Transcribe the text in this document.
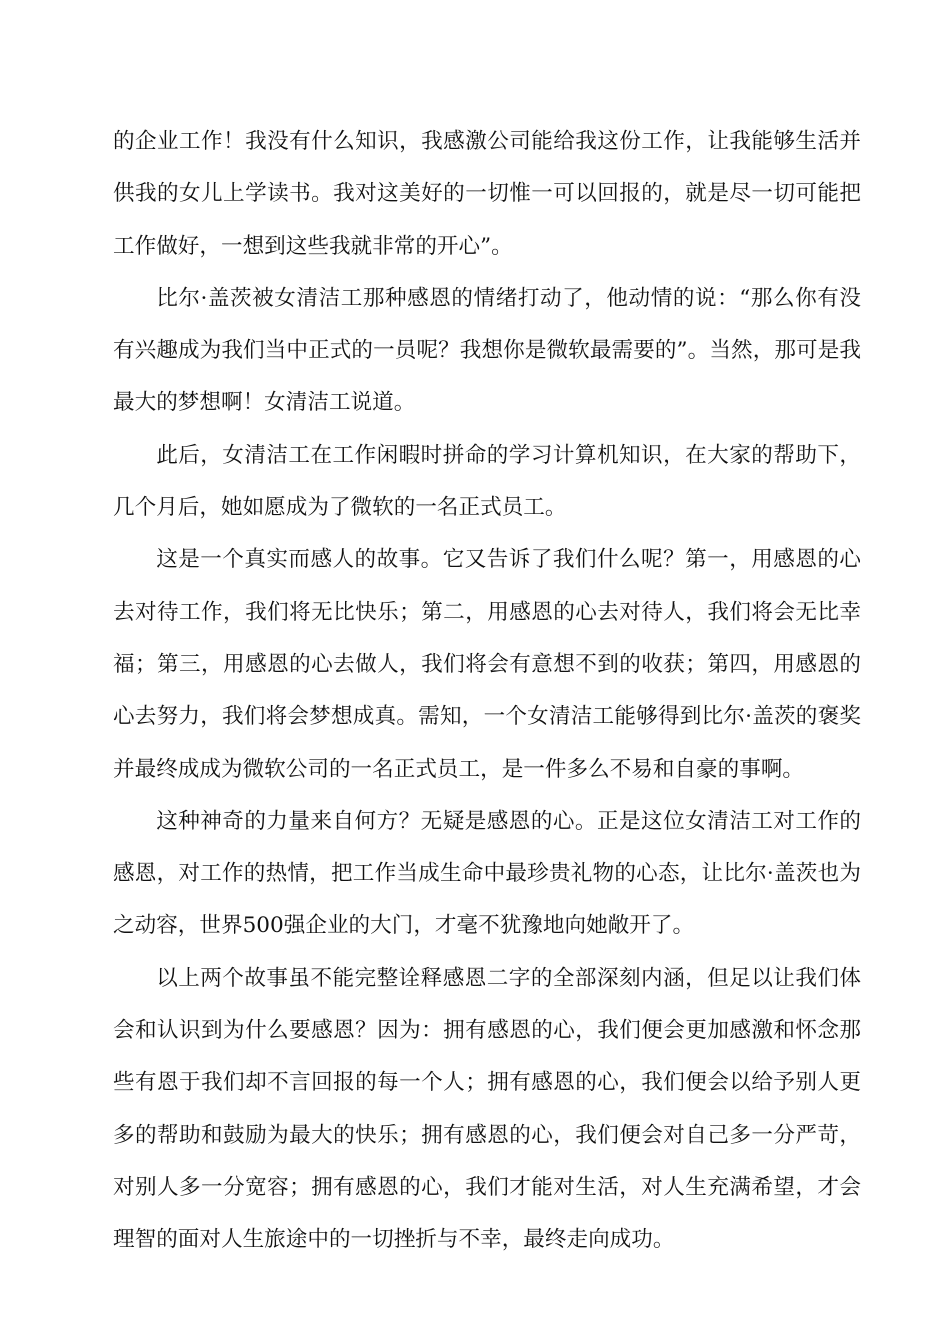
的企业工作！我没有什么知识，我感激公司能给我这份工作，让我能够生活并供我的女儿上学读书。我对这美好的一切惟一可以回报的，就是尽一切可能把工作做好，一想到这些我就非常的开心”。

比尔·盖茨被女清洁工那种感恩的情绪打动了，他动情的说：“那么你有没有兴趣成为我们当中正式的一员呢？我想你是微软最需要的”。当然，那可是我最大的梦想啊！女清洁工说道。

此后，女清洁工在工作闲暇时拼命的学习计算机知识，在大家的帮助下，几个月后，她如愿成为了微软的一名正式员工。

这是一个真实而感人的故事。它又告诉了我们什么呢？第一，用感恩的心去对待工作，我们将无比快乐；第二，用感恩的心去对待人，我们将会无比幸福；第三，用感恩的心去做人，我们将会有意想不到的收获；第四，用感恩的心去努力，我们将会梦想成真。需知，一个女清洁工能够得到比尔·盖茨的褒奖并最终成成为微软公司的一名正式员工，是一件多么不易和自豪的事啊。

这种神奇的力量来自何方？无疑是感恩的心。正是这位女清洁工对工作的感恩，对工作的热情，把工作当成生命中最珍贵礼物的心态，让比尔·盖茨也为之动容，世界500强企业的大门，才毫不犹豫地向她敞开了。

以上两个故事虽不能完整诠释感恩二字的全部深刻内涵，但足以让我们体会和认识到为什么要感恩？因为：拥有感恩的心，我们便会更加感激和怀念那些有恩于我们却不言回报的每一个人；拥有感恩的心，我们便会以给予别人更多的帮助和鼓励为最大的快乐；拥有感恩的心，我们便会对自己多一分严苛，对别人多一分宽容；拥有感恩的心，我们才能对生活，对人生充满希望，才会理智的面对人生旅途中的一切挫折与不幸，最终走向成功。
